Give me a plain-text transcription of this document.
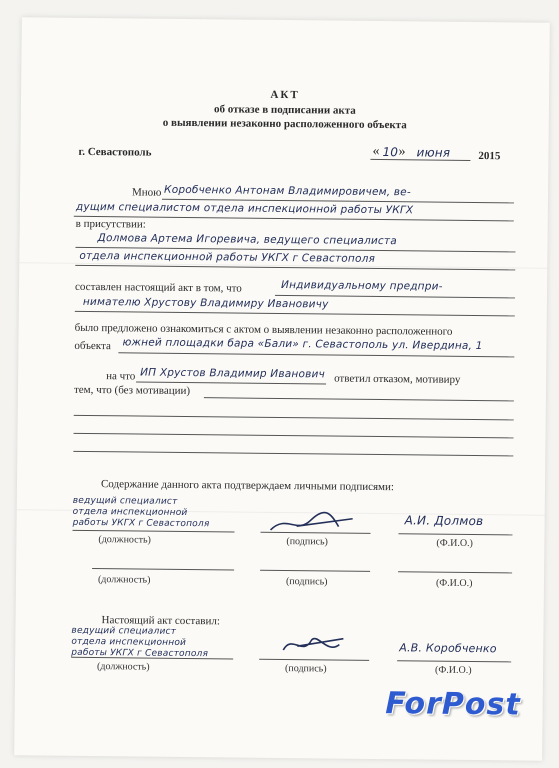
АКТ
об отказе в подписании акта
о выявлении незаконно расположенного объекта
г. Севастополь	« 10 » июня	2015
Мною Коробченко Антонам Владимировичем, ве-
дущим специалистом отдела инспекционной работы УКГХ
в присутствии:
Долмова Артема Игоревича, ведущего специалиста
отдела инспекционной работы УКГХ г Севастополя
составлен настоящий акт в том, что	Индивидуальному предпри-
нимателю Хрустову Владимиру Ивановичу
было предложено ознакомиться с актом о выявлении незаконно расположенного
объекта южней площадки бара «Бали» г. Севастополь ул. Ивердина, 1
на что ИП Хрустов Владимир Иванович ответил отказом, мотивиру
тем, что (без мотивации)
Содержание данного акта подтверждаем личными подписями:
ведущий специалист
отдела инспекционной
работы УКГХ г Севастополя	А.И. Долмов
(должность)	(подпись)	(Ф.И.О.)
(должность)	(подпись)	(Ф.И.О.)
Настоящий акт составил:
ведущий специалист
отдела инспекционной
работы УКГХ г Севастополя	А.В. Коробченко
(должность)	(подпись)	(Ф.И.О.)
ForPost
